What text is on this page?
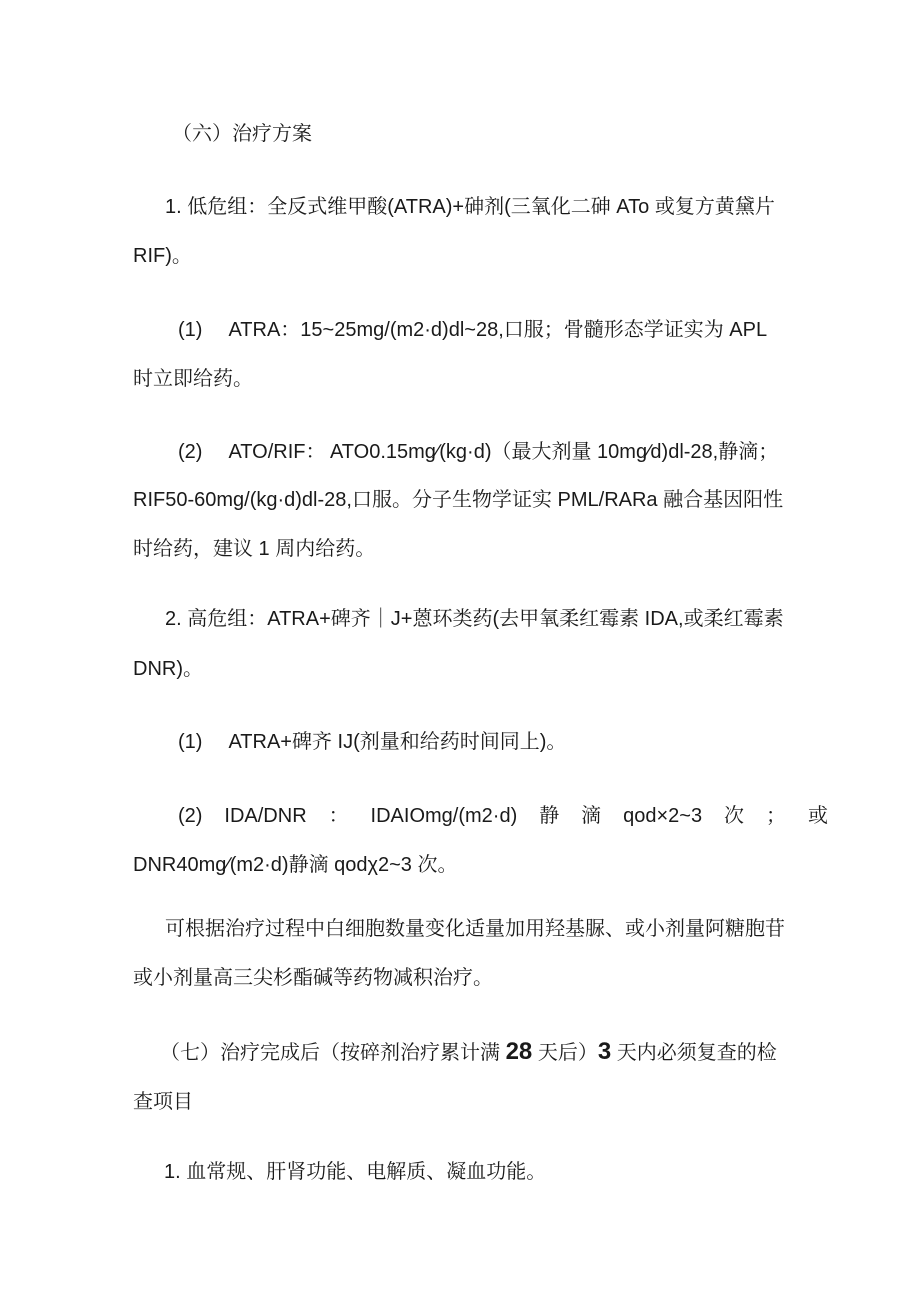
（六）治疗方案
1. 低危组：全反式维甲酸(ATRA)+砷剂(三氧化二砷 ATo 或复方黄黛片
RIF)。
(1) ATRA：15~25mg/(m2·d)dl~28,口服；骨髓形态学证实为 APL
时立即给药。
(2) ATO/RIF： ATO0.15mg∕(kg·d)（最大剂量 10mg∕d)dl-28,静滴；
RIF50-60mg/(kg·d)dl-28,口服。分子生物学证实 PML/RARa 融合基因阳性
时给药，建议 1 周内给药。
2. 高危组：ATRA+碑齐｜J+蒽环类药(去甲氧柔红霉素 IDA,或柔红霉素
DNR)。
(1) ATRA+碑齐 IJ(剂量和给药时间同上)。
(2) IDA/DNR ： IDAIOmg/(m2·d) 静 滴 qod×2~3 次 ； 或
DNR40mg∕(m2·d)静滴 qodχ2~3 次。
可根据治疗过程中白细胞数量变化适量加用羟基脲、或小剂量阿糖胞苷
或小剂量高三尖杉酯碱等药物减积治疗。
（七）治疗完成后（按碎剂治疗累计满 28 天后）3 天内必须复查的检
查项目
1. 血常规、肝肾功能、电解质、凝血功能。
